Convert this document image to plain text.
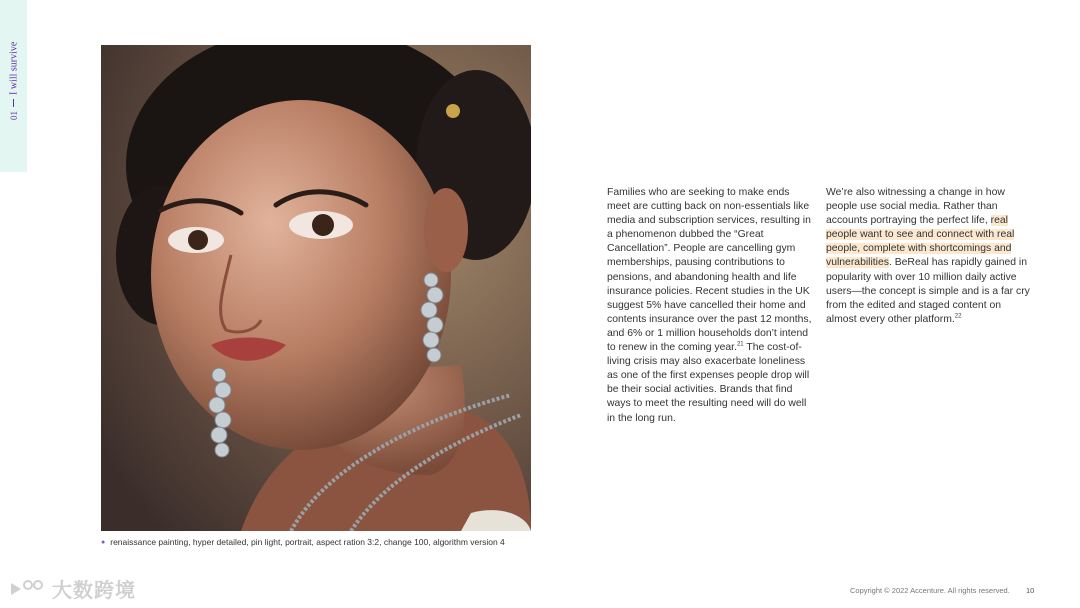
01
I will survive
● renaissance painting, hyper detailed, pin light, portrait, aspect ration 3:2, change 100, algorithm version 4
Families who are seeking to make ends meet are cutting back on non-essentials like media and subscription services, resulting in a phenomenon dubbed the “Great Cancellation”. People are cancelling gym memberships, pausing contributions to pensions, and abandoning health and life insurance policies. Recent studies in the UK suggest 5% have cancelled their home and contents insurance over the past 12 months, and 6% or 1 million households don’t intend to renew in the coming year.$^{21}$ The cost-of-living crisis may also exacerbate loneliness as one of the first expenses people drop will be their social activities. Brands that find ways to meet the resulting need will do well in the long run.
We’re also witnessing a change in how people use social media. Rather than accounts portraying the perfect life, real people want to see and connect with real people, complete with shortcomings and vulnerabilities. BeReal has rapidly gained in popularity with over 10 million daily active users—the concept is simple and is a far cry from the edited and staged content on almost every other platform.$^{22}$
Copyright © 2022 Accenture. All rights reserved. 10
大数跨境
